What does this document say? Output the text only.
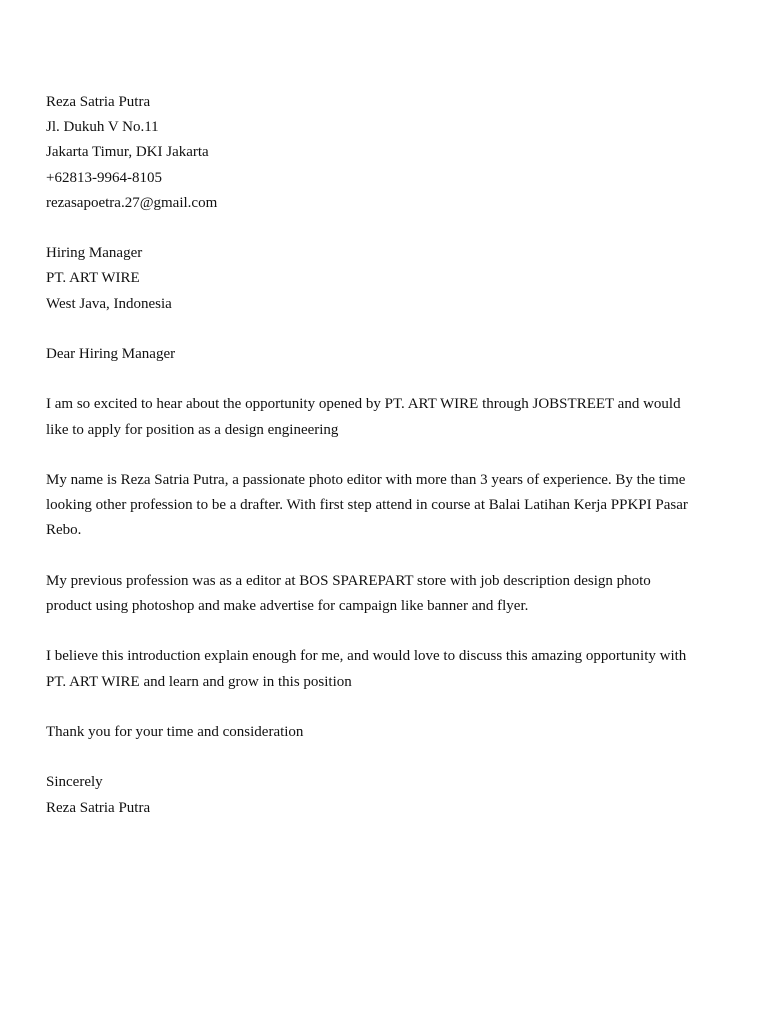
Reza Satria Putra
Jl. Dukuh V No.11
Jakarta Timur, DKI Jakarta
+62813-9964-8105
rezasapoetra.27@gmail.com
Hiring Manager
PT. ART WIRE
West Java, Indonesia
Dear Hiring Manager
I am so excited to hear about the opportunity opened by PT. ART WIRE through JOBSTREET and would
like to apply for position as a design engineering
My name is Reza Satria Putra, a passionate photo editor with more than 3 years of experience. By the time
looking other profession to be a drafter. With first step attend in course at Balai Latihan Kerja PPKPI Pasar
Rebo.
My previous profession was as a editor at BOS SPAREPART store with job description design photo
product using photoshop and make advertise for campaign like banner and flyer.
I believe this introduction explain enough for me, and would love to discuss this amazing opportunity with
PT. ART WIRE and learn and grow in this position
Thank you for your time and consideration
Sincerely
Reza Satria Putra
